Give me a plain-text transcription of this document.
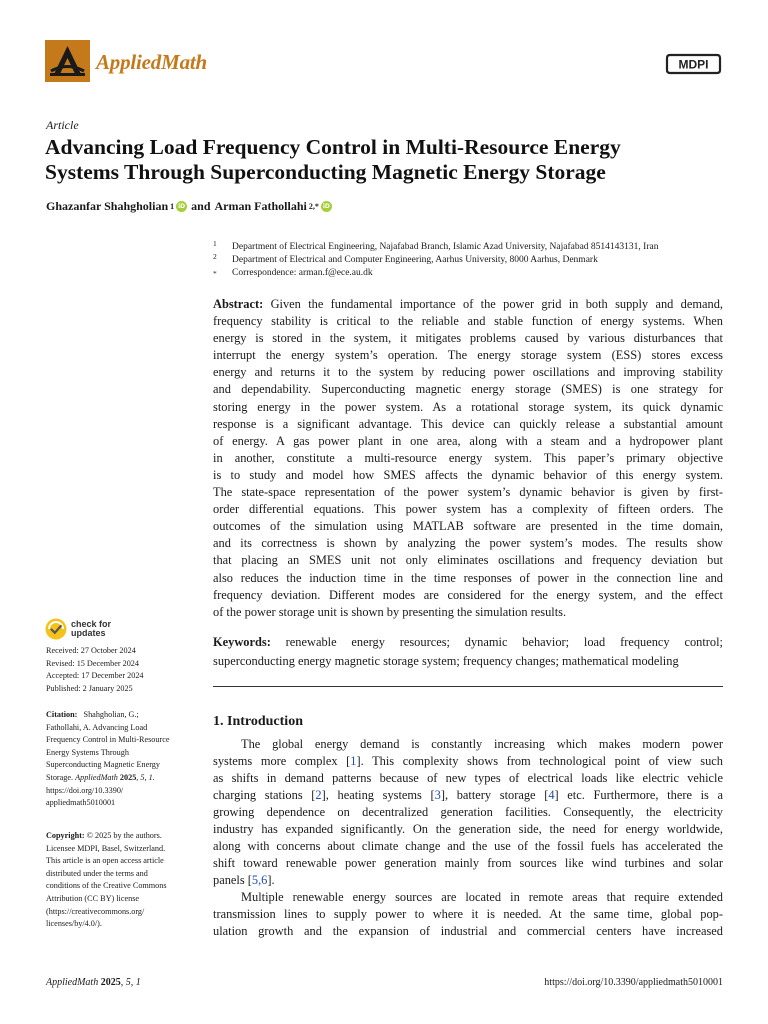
AppliedMath	MDPI
Article
Advancing Load Frequency Control in Multi-Resource Energy
Systems Through Superconducting Magnetic Energy Storage
Ghazanfar Shahgholian 1 iD and Arman Fathollahi 2,* iD
1 Department of Electrical Engineering, Najafabad Branch, Islamic Azad University, Najafabad 8514143131, Iran
2 Department of Electrical and Computer Engineering, Aarhus University, 8000 Aarhus, Denmark
* Correspondence: arman.f@ece.au.dk
Abstract: Given the fundamental importance of the power grid in both supply and demand,
frequency stability is critical to the reliable and stable function of energy systems. When
energy is stored in the system, it mitigates problems caused by various disturbances that
interrupt the energy system’s operation. The energy storage system (ESS) stores excess
energy and returns it to the system by reducing power oscillations and improving stability
and dependability. Superconducting magnetic energy storage (SMES) is one strategy for
storing energy in the power system. As a rotational storage system, its quick dynamic
response is a significant advantage. This device can quickly release a substantial amount
of energy. A gas power plant in one area, along with a steam and a hydropower plant
in another, constitute a multi-resource energy system. This paper’s primary objective
is to study and model how SMES affects the dynamic behavior of this energy system.
The state-space representation of the power system’s dynamic behavior is given by first-
order differential equations. This power system has a complexity of fifteen orders. The
outcomes of the simulation using MATLAB software are presented in the time domain,
and its correctness is shown by analyzing the power system’s modes. The results show
that placing an SMES unit not only eliminates oscillations and frequency deviation but
also reduces the induction time in the time responses of power in the connection line and
frequency deviation. Different modes are considered for the energy system, and the effect
of the power storage unit is shown by presenting the simulation results.
Keywords: renewable energy resources; dynamic behavior; load frequency control;
superconducting energy magnetic storage system; frequency changes; mathematical modeling
check for
updates
Received: 27 October 2024
Revised: 15 December 2024
Accepted: 17 December 2024
Published: 2 January 2025
Citation: Shahgholian, G.;
Fathollahi, A. Advancing Load
Frequency Control in Multi-Resource
Energy Systems Through
Superconducting Magnetic Energy
Storage. AppliedMath 2025, 5, 1.
https://doi.org/10.3390/
appliedmath5010001
Copyright: © 2025 by the authors.
Licensee MDPI, Basel, Switzerland.
This article is an open access article
distributed under the terms and
conditions of the Creative Commons
Attribution (CC BY) license
(https://creativecommons.org/
licenses/by/4.0/).
1. Introduction
The global energy demand is constantly increasing which makes modern power
systems more complex [1]. This complexity shows from technological point of view such
as shifts in demand patterns because of new types of electrical loads like electric vehicle
charging stations [2], heating systems [3], battery storage [4] etc. Furthermore, there is a
growing dependence on decentralized generation facilities. Consequently, the electricity
industry has expanded significantly. On the generation side, the need for energy worldwide,
along with concerns about climate change and the use of the fossil fuels has accelerated the
shift toward renewable power generation mainly from sources like wind turbines and solar
panels [5,6].
Multiple renewable energy sources are located in remote areas that require extended
transmission lines to supply power to where it is needed. At the same time, global pop-
ulation growth and the expansion of industrial and commercial centers have increased
AppliedMath 2025, 5, 1	https://doi.org/10.3390/appliedmath5010001
